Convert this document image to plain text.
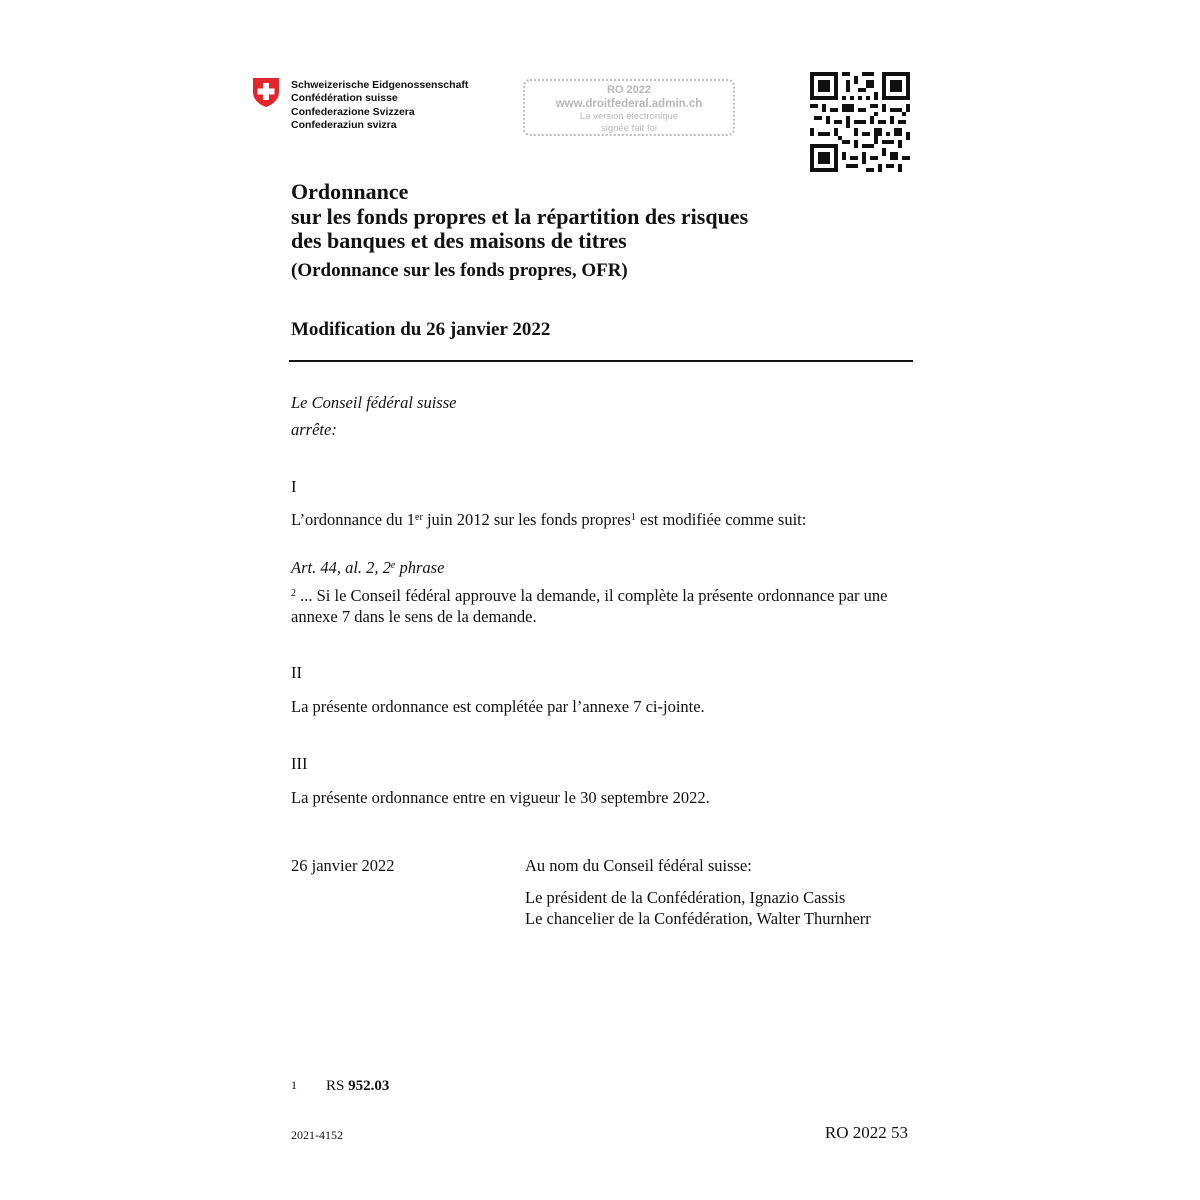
Schweizerische Eidgenossenschaft
Confédération suisse
Confederazione Svizzera
Confederaziun svizra
RO 2022
www.droitfederal.admin.ch
La version électronique
signée fait foi
Ordonnance
sur les fonds propres et la répartition des risques
des banques et des maisons de titres
(Ordonnance sur les fonds propres, OFR)
Modification du 26 janvier 2022
Le Conseil fédéral suisse
arrête:
I
L’ordonnance du 1er juin 2012 sur les fonds propres$^1$ est modifiée comme suit:
Art. 44, al. 2, 2e phrase
$^2$ ... Si le Conseil fédéral approuve la demande, il complète la présente ordonnance par une annexe 7 dans le sens de la demande.
II
La présente ordonnance est complétée par l’annexe 7 ci-jointe.
III
La présente ordonnance entre en vigueur le 30 septembre 2022.
26 janvier 2022	Au nom du Conseil fédéral suisse:
Le président de la Confédération, Ignazio Cassis
Le chancelier de la Confédération, Walter Thurnherr
1 RS 952.03
2021-4152	RO 2022 53
